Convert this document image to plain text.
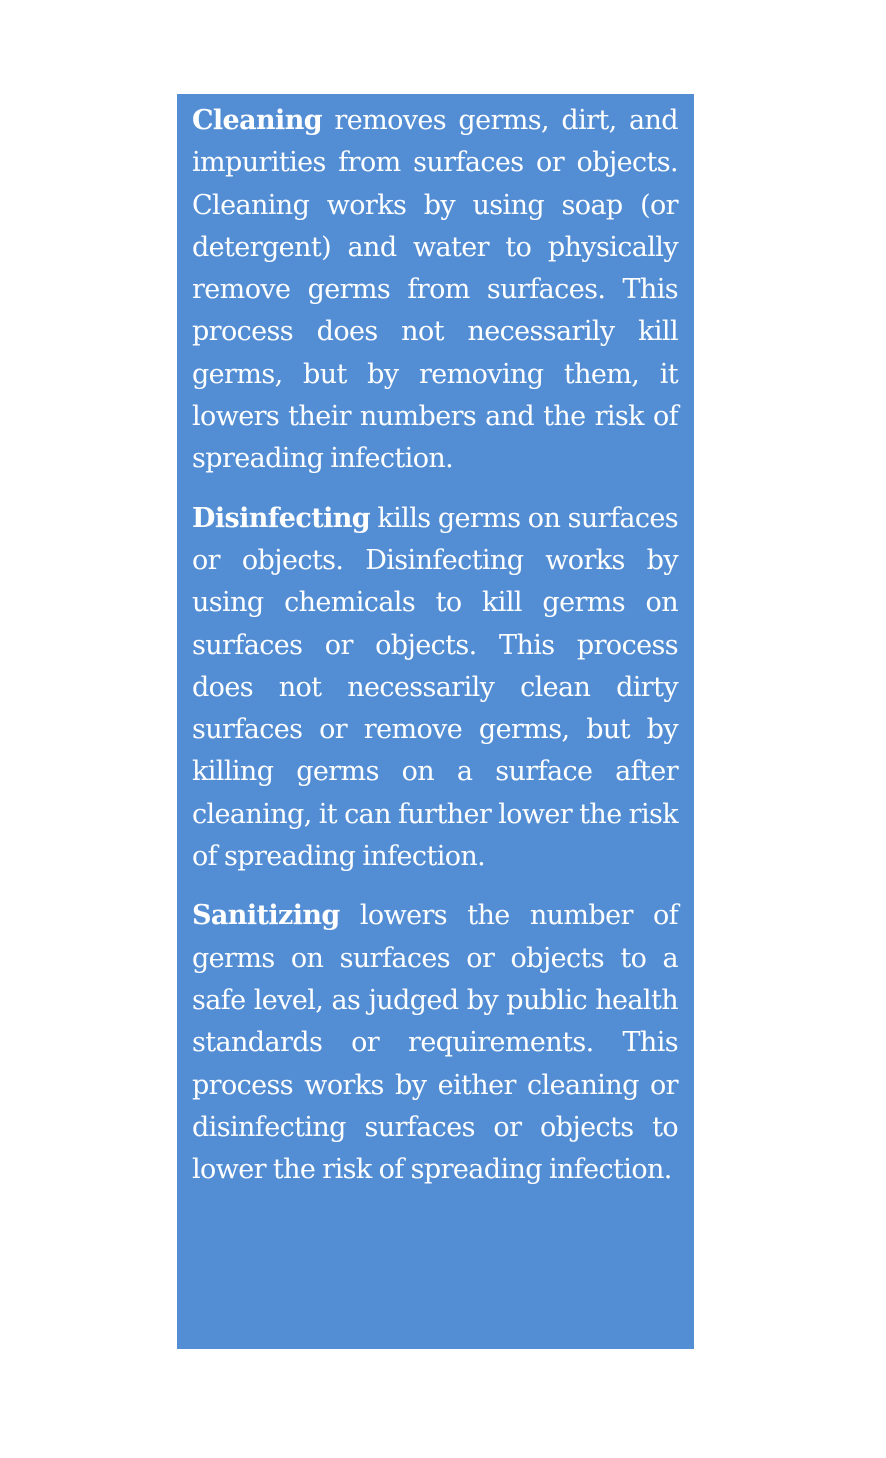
Cleaning removes germs, dirt, and impurities from surfaces or objects. Cleaning works by using soap (or detergent) and water to physically remove germs from surfaces. This process does not necessarily kill germs, but by removing them, it lowers their numbers and the risk of spreading infection.

Disinfecting kills germs on surfaces or objects. Disinfecting works by using chemicals to kill germs on surfaces or objects. This process does not necessarily clean dirty surfaces or remove germs, but by killing germs on a surface after cleaning, it can further lower the risk of spreading infection.

Sanitizing lowers the number of germs on surfaces or objects to a safe level, as judged by public health standards or requirements. This process works by either cleaning or disinfecting surfaces or objects to lower the risk of spreading infection.
